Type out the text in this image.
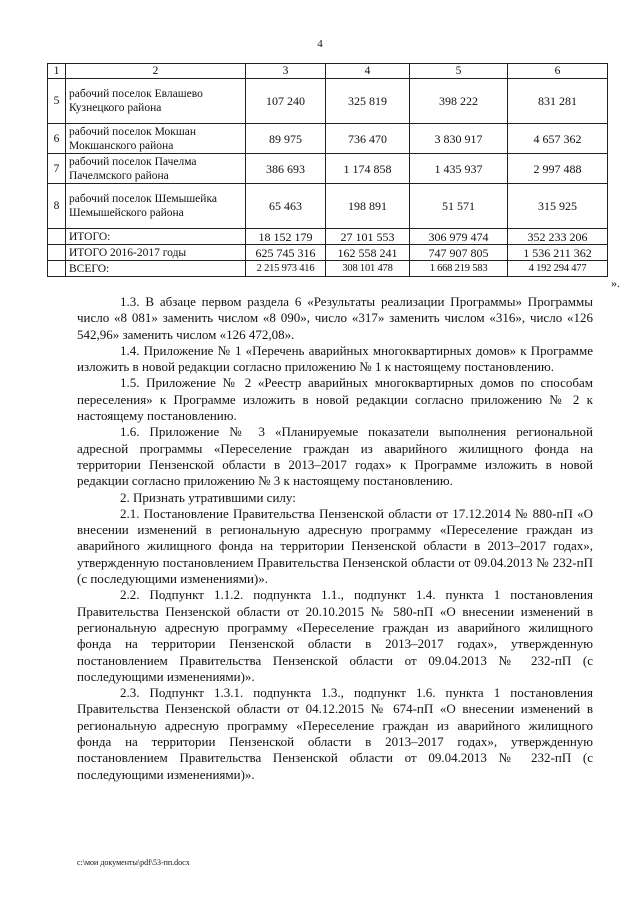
4
1	2	3	4	5	6
5	рабочий поселок Евлашево Кузнецкого района	107 240	325 819	398 222	831 281
6	рабочий поселок Мокшан Мокшанского района	89 975	736 470	3 830 917	4 657 362
7	рабочий поселок Пачелма Пачелмского района	386 693	1 174 858	1 435 937	2 997 488
8	рабочий поселок Шемышейка Шемышейского района	65 463	198 891	51 571	315 925
	ИТОГО:	18 152 179	27 101 553	306 979 474	352 233 206
	ИТОГО 2016-2017 годы	625 745 316	162 558 241	747 907 805	1 536 211 362
	ВСЕГО:	2 215 973 416	308 101 478	1 668 219 583	4 192 294 477
».

1.3. В абзаце первом раздела 6 «Результаты реализации Программы» Программы число «8 081» заменить числом «8 090», число «317» заменить числом «316», число «126 542,96» заменить числом «126 472,08».

1.4. Приложение № 1 «Перечень аварийных многоквартирных домов» к Программе изложить в новой редакции согласно приложению № 1 к настоящему постановлению.

1.5. Приложение № 2 «Реестр аварийных многоквартирных домов по способам переселения» к Программе изложить в новой редакции согласно приложению № 2 к настоящему постановлению.

1.6. Приложение № 3 «Планируемые показатели выполнения региональной адресной программы «Переселение граждан из аварийного жилищного фонда на территории Пензенской области в 2013–2017 годах» к Программе изложить в новой редакции согласно приложению № 3 к настоящему постановлению.

2. Признать утратившими силу:

2.1. Постановление Правительства Пензенской области от 17.12.2014 № 880-пП «О внесении изменений в региональную адресную программу «Переселение граждан из аварийного жилищного фонда на территории Пензенской области в 2013–2017 годах», утвержденную постановлением Правительства Пензенской области от 09.04.2013 № 232-пП (с последующими изменениями)».

2.2. Подпункт 1.1.2. подпункта 1.1., подпункт 1.4. пункта 1 постановления Правительства Пензенской области от 20.10.2015 № 580-пП «О внесении изменений в региональную адресную программу «Переселение граждан из аварийного жилищного фонда на территории Пензенской области в 2013–2017 годах», утвержденную постановлением Правительства Пензенской области от 09.04.2013 № 232-пП (с последующими изменениями)».

2.3. Подпункт 1.3.1. подпункта 1.3., подпункт 1.6. пункта 1 постановления Правительства Пензенской области от 04.12.2015 № 674-пП «О внесении изменений в региональную адресную программу «Переселение граждан из аварийного жилищного фонда на территории Пензенской области в 2013–2017 годах», утвержденную постановлением Правительства Пензенской области от 09.04.2013 № 232-пП (с последующими изменениями)».

c:\мои документы\pdf\53-пп.docx
